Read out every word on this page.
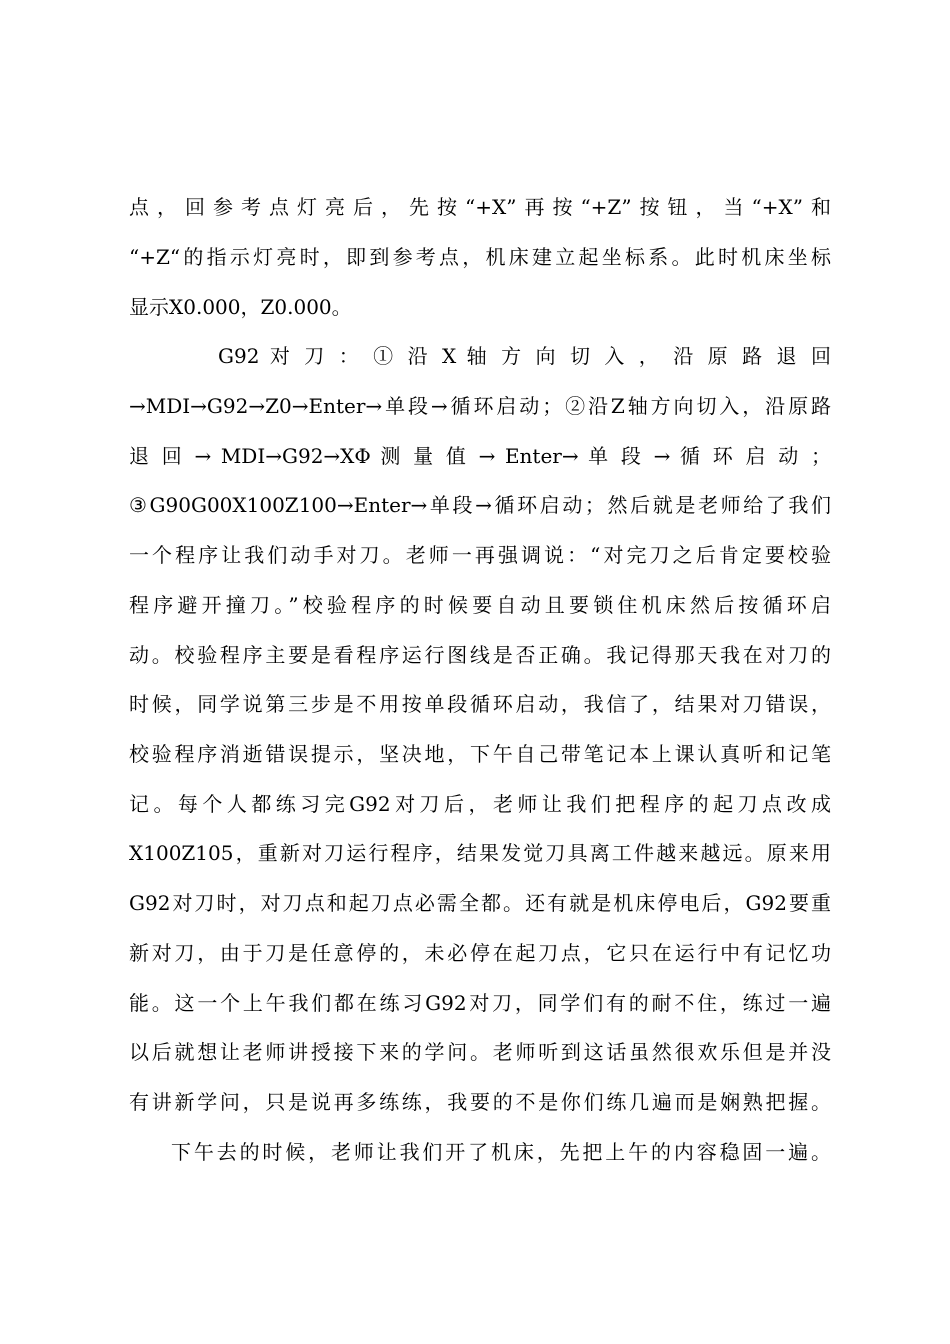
点，回参考点灯亮后，先按“+X”再按“+Z”按钮，当“+X”和
“+Z“的指示灯亮时，即到参考点，机床建立起坐标系。此时机床坐标
显示X0.000，Z0.000。
G92 对 刀 ： ① 沿 X 轴 方 向 切 入 ， 沿 原 路 退 回
→MDI→G92→Z0→Enter→单段→循环启动；②沿Z轴方向切入，沿原路
退 回 → MDI→G92→XΦ 测 量 值 → Enter→ 单 段 → 循 环 启 动 ；
③G90G00X100Z100→Enter→单段→循环启动；然后就是老师给了我们
一个程序让我们动手对刀。老师一再强调说：“对完刀之后肯定要校验
程序避开撞刀。”校验程序的时候要自动且要锁住机床然后按循环启
动。校验程序主要是看程序运行图线是否正确。我记得那天我在对刀的
时候，同学说第三步是不用按单段循环启动，我信了，结果对刀错误，
校验程序消逝错误提示，坚决地，下午自己带笔记本上课认真听和记笔
记。每个人都练习完G92对刀后，老师让我们把程序的起刀点改成
X100Z105，重新对刀运行程序，结果发觉刀具离工件越来越远。原来用
G92对刀时，对刀点和起刀点必需全都。还有就是机床停电后，G92要重
新对刀，由于刀是任意停的，未必停在起刀点，它只在运行中有记忆功
能。这一个上午我们都在练习G92对刀，同学们有的耐不住，练过一遍
以后就想让老师讲授接下来的学问。老师听到这话虽然很欢乐但是并没
有讲新学问，只是说再多练练，我要的不是你们练几遍而是娴熟把握。
下午去的时候，老师让我们开了机床，先把上午的内容稳固一遍。
